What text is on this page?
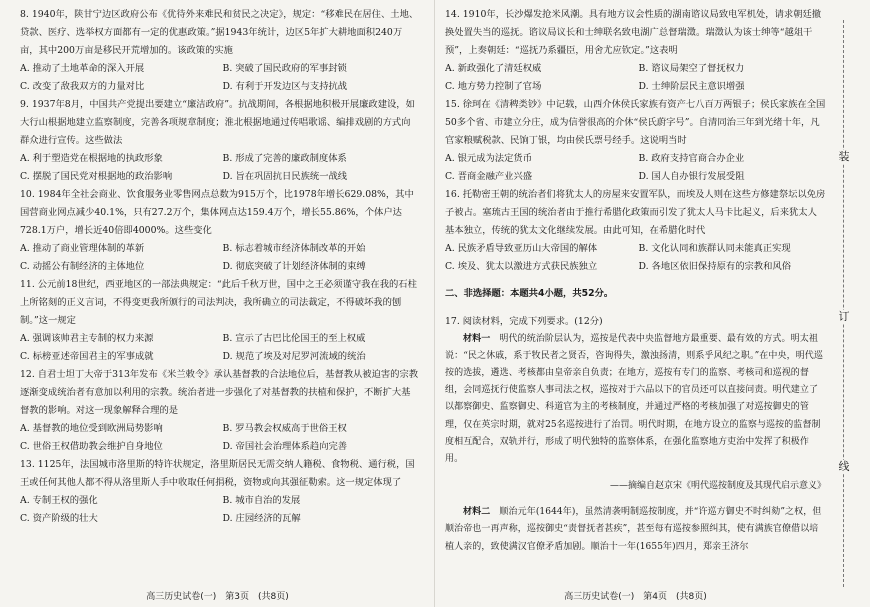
8. 1940年，陕甘宁边区政府公布《优待外来难民和贫民之决定》，规定：“移难民在居住、土地、贷款、医疗、选举权方面都有一定的优惠政策。”据1943年统计，边区5年扩大耕地面积240万亩，其中200万亩是移民开荒增加的。该政策的实施

A. 推动了土地革命的深入开展	B. 突破了国民政府的军事封锁
C. 改变了敌我双方的力量对比	D. 有利于开发边区与支持抗战

9. 1937年8月，中国共产党提出要建立“廉洁政府”。抗战期间，各根据地积极开展廉政建设，如大行山根据地建立监察制度，完善各项规章制度；淮北根据地通过传唱歌谣、编排戏剧的方式向群众进行宣传。这些做法

A. 利于塑造党在根据地的执政形象	B. 形成了完善的廉政制度体系
C. 摆脱了国民党对根据地的政治影响	D. 旨在巩固抗日民族统一战线

10. 1984年全社会商业、饮食服务业零售网点总数为915万个，比1978年增长629.08%，其中国营商业网点减少40.1%，只有27.2万个，集体网点达159.4万个，增长55.86%，个体户达728.1万户，增长近40倍即4000%。这些变化

A. 推动了商业管理体制的革新	B. 标志着城市经济体制改革的开始
C. 动摇公有制经济的主体地位	D. 彻底突破了计划经济体制的束缚

11. 公元前18世纪，西亚地区的一部法典规定：“此后千秋万世，国中之王必须谨守我在我的石柱上所铭刻的正义言词，不得变更我所颁行的司法判决，我所确立的司法裁定，不得破坏我的刨制。”这一规定

A. 强调该帅君主专制的权力来源	B. 宣示了古巴比伦国王的至上权威
C. 标榜亚述帝国君主的军事成就	D. 规范了埃及对尼罗河流域的统治

12. 自君士坦丁大帝于313年发布《米兰敕令》承认基督教的合法地位后，基督教从被迫害的宗教逐渐变成统治者有意加以利用的宗教。统治者进一步强化了对基督教的扶植和保护，不断扩大基督教的影响。对这一现象解释合理的是

A. 基督教的地位受到欧洲局势影响	B. 罗马教会权威高于世俗王权
C. 世俗王权借助教会维护自身地位	D. 帝国社会治理体系趋向完善

13. 1125年，法国城市洛里斯的特许状规定，洛里斯居民无需交纳人籍税、食物税、通行税，国王或任何其他人都不得从洛里斯人手中收取任何捐税，资物或向其强征勒索。这一规定体现了

A. 专制王权的强化	B. 城市自治的发展
C. 资产阶级的壮大	D. 庄园经济的瓦解
高三历史试卷(一)　第3页　(共8页)

14. 1910年，长沙爆发抢米风潮。具有地方议会性质的湖南谘议局致电军机处，请求朝廷撤换处置失当的巡抚。谘议局议长和士绅联名致电湖广总督瑞澂。瑞澂认为该士绅等“越俎干预”，上奏朝廷：“巡抚乃系疆臣，用舍尤应钦定。”这表明

A. 新政强化了清廷权威	B. 谘议局架空了督抚权力
C. 地方势力控制了官场	D. 士绅阶层民主意识增强

15. 徐珂在《清稗类钞》中记载，山西介休侯氏家族有资产七八百万两银子；侯氏家族在全国50多个省、市建立分庄，成为信誉很高的介休“侯氏蔚字号”。自清同治三年到光绪十年，凡官家粮赋税款、民饷丁银，均由侯氏票号经手。这说明当时

A. 银元成为法定货币	B. 政府支持官商合办企业
C. 晋商金融产业兴盛	D. 国人自办银行发展受阻

16. 托勒密王朝的统治者们将犹太人的房屋来安置军队，而埃及人则在这些方修建祭坛以免房子被占。塞琉古王国的统治者由于推行希腊化政策而引发了犹太人马卡比起义，后来犹太人基本独立，传统的犹太文化继续发展。由此可知，在希腊化时代

A. 民族矛盾导致亚历山大帝国的解体	B. 文化认同和族群认同未能真正实现
C. 埃及、犹太以激进方式获民族独立	D. 各地区依旧保持原有的宗教和风俗

二、非选择题：本题共4小题，共52分。

17. 阅读材料，完成下列要求。(12分)

材料一　 明代的统治阶层认为，巡按是代表中央监督地方最重要、最有效的方式。明太祖说：“民之休戚，系于牧民者之贤否，咨询得失，激浊扬清，则系乎风纪之职。”在中央，明代巡按的选拔，遴选、考核都由皇帝亲自负责；在地方，巡按有专门的监察、考核司和巡视的督组，会同巡抚行使监察人事司法之权，巡按对于六品以下的官员还可以直接问责。明代建立了以都察御史、监察御史、科道官为主的考核制度，并通过严格的考核加强了对巡按御史的管理，仅在英宗时期，就对25名巡按进行了治罚。明代时期，在地方设立的监察与巡按的监督制度相互配合，双轨并行，形成了明代独特的监察体系，在强化监察地方吏治中发挥了积极作用。

——摘编自赵京宋《明代巡按制度及其现代启示意义》

材料二　 顺治元年(1644年)，虽然清袭明制巡按制度，并“许巡方御史不时纠劾”之权，但顺治帝也一再声称，巡按御史“责督抚者甚疾”，甚至每有巡按参照纠其，使有满族官僚借以培植人亲的，致使满汉官僚矛盾加剧。顺治十一年(1655年)四月，郑亲王济尔

高三历史试卷(一)　第4页　(共8页)
装
订
线
